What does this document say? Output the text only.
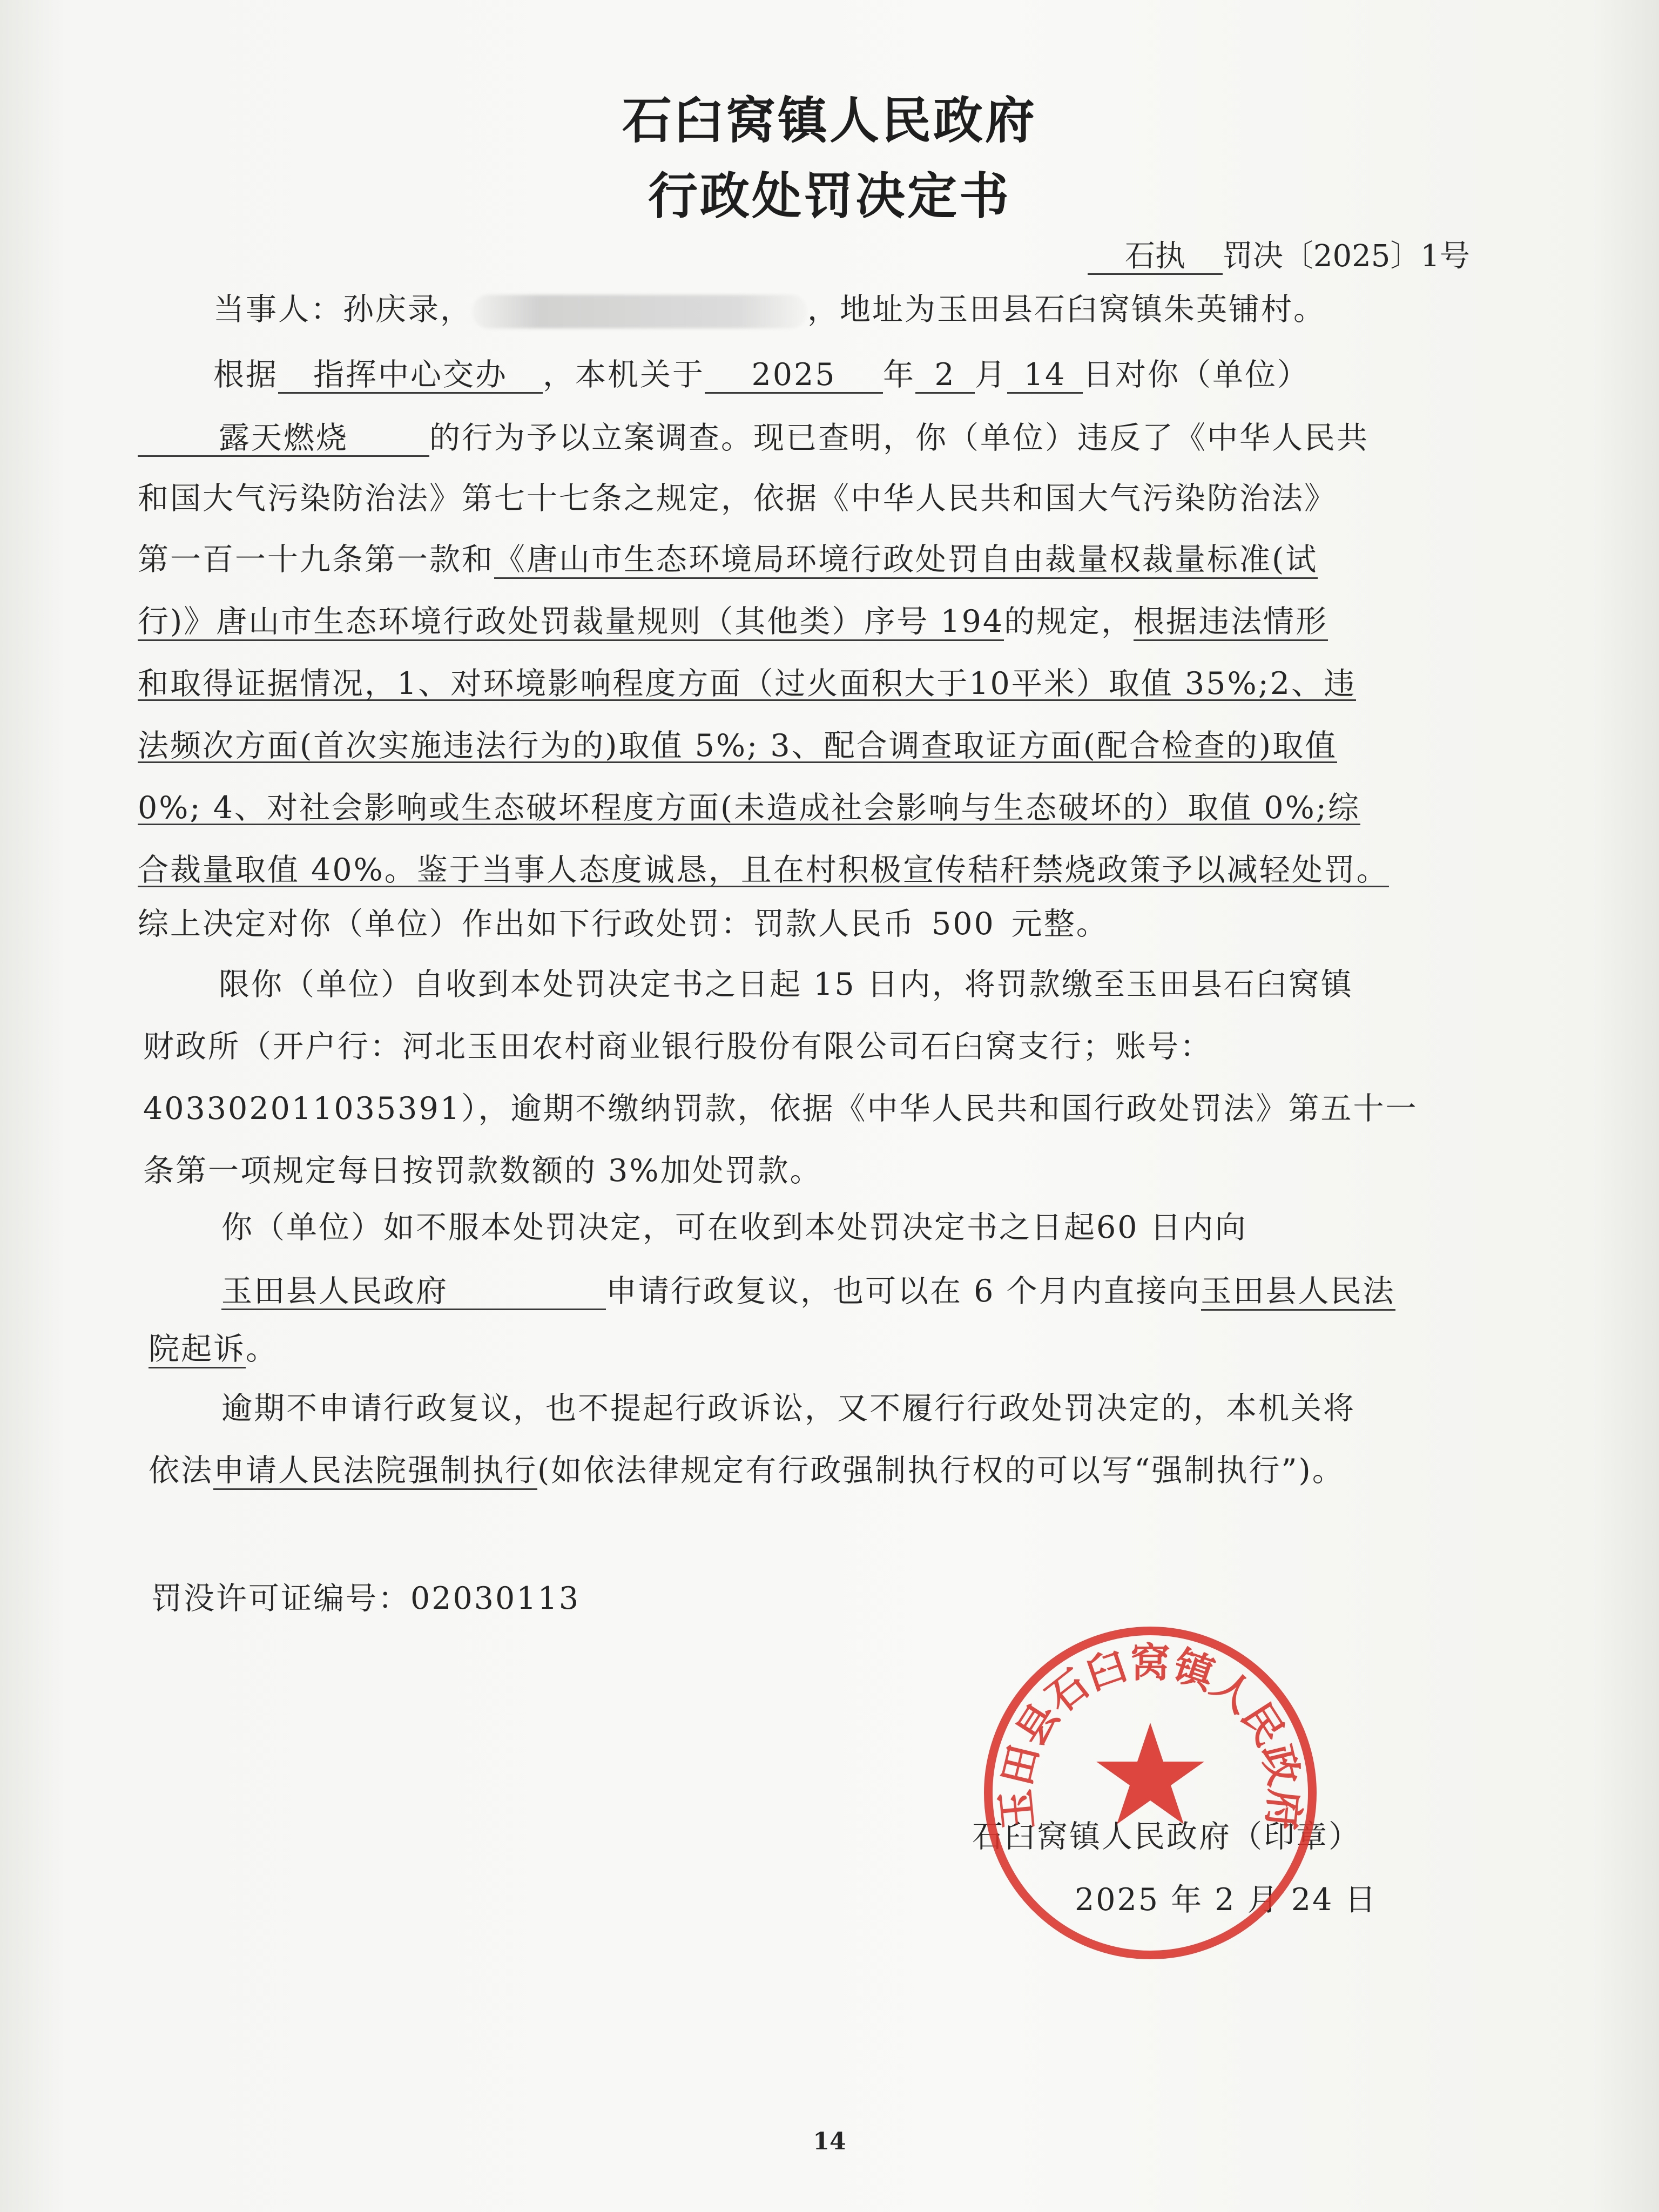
石臼窝镇人民政府
行政处罚决定书
石执 罚决〔2025〕1号
当事人：孙庆录，	，地址为玉田县石臼窝镇朱英铺村。
根据 指挥中心交办 ，本机关于 2025 年 2 月 14 日对你（单位）
露天燃烧	的行为予以立案调查。现已查明，你（单位）违反了《中华人民共
和国大气污染防治法》第七十七条之规定，依据《中华人民共和国大气污染防治法》
第一百一十九条第一款和《唐山市生态环境局环境行政处罚自由裁量权裁量标准(试
行)》唐山市生态环境行政处罚裁量规则（其他类）序号 194的规定，根据违法情形
和取得证据情况，1、对环境影响程度方面（过火面积大于10平米）取值 35%;2、违
法频次方面(首次实施违法行为的)取值 5%; 3、配合调查取证方面(配合检查的)取值
0%; 4、对社会影响或生态破坏程度方面(未造成社会影响与生态破坏的）取值 0%;综
合裁量取值 40%。鉴于当事人态度诚恳，且在村积极宣传秸秆禁烧政策予以减轻处罚。
综上决定对你（单位）作出如下行政处罚：罚款人民币 500 元整。
限你（单位）自收到本处罚决定书之日起 15 日内，将罚款缴至玉田县石臼窝镇
财政所（开户行：河北玉田农村商业银行股份有限公司石臼窝支行；账号：
403302011035391），逾期不缴纳罚款，依据《中华人民共和国行政处罚法》第五十一
条第一项规定每日按罚款数额的 3%加处罚款。
你（单位）如不服本处罚决定，可在收到本处罚决定书之日起60 日内向
玉田县人民政府	申请行政复议，也可以在 6 个月内直接向玉田县人民法
院起诉。
逾期不申请行政复议，也不提起行政诉讼，又不履行行政处罚决定的，本机关将
依法申请人民法院强制执行(如依法律规定有行政强制执行权的可以写“强制执行”)。
罚没许可证编号：02030113
石臼窝镇人民政府（印章）
2025 年 2 月 24 日
玉田县石臼窝镇人民政府
14
